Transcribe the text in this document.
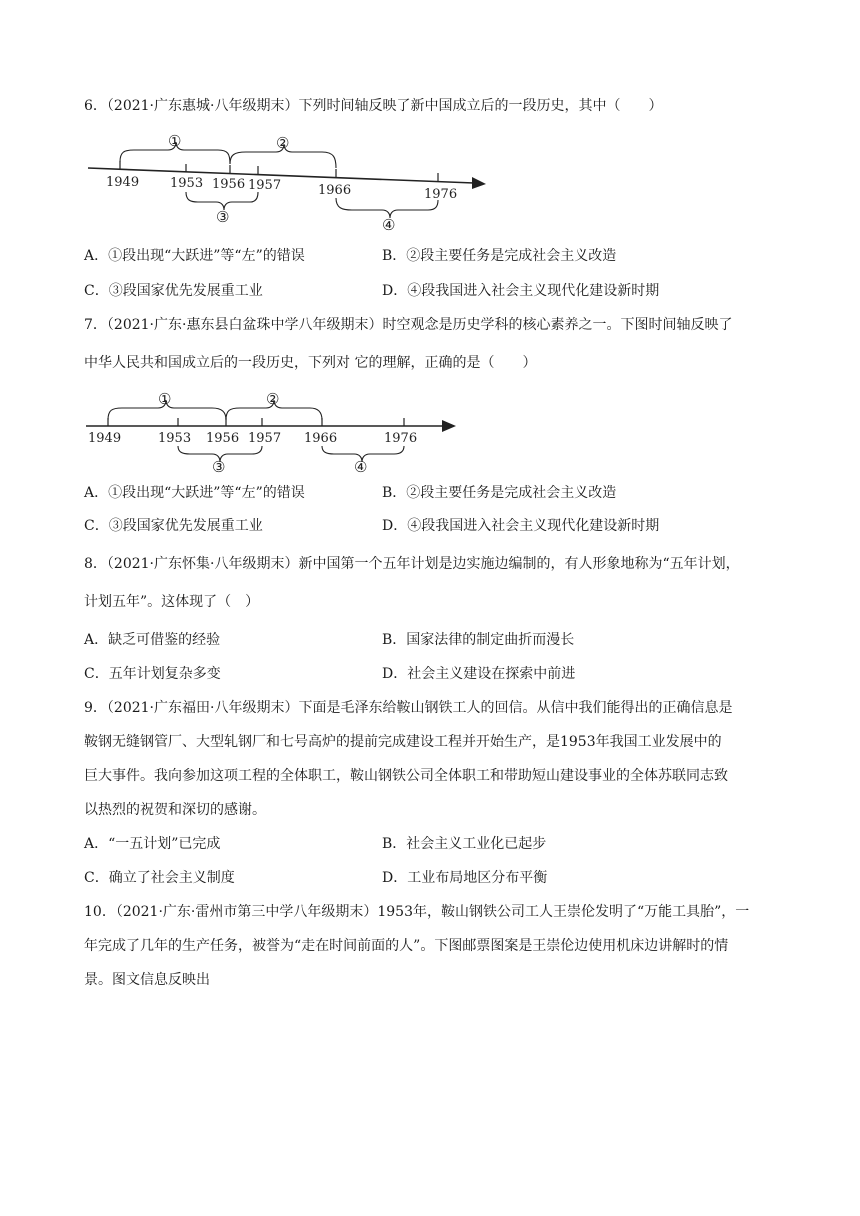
6．（2021·广东惠城·八年级期末）下列时间轴反映了新中国成立后的一段历史，其中（　　）
1949 1953 1956 1957	1966	1976
①	②
③	④
A．①段出现“大跃进”等“左”的错误	B．②段主要任务是完成社会主义改造
C．③段国家优先发展重工业	D．④段我国进入社会主义现代化建设新时期
7．（2021·广东·惠东县白盆珠中学八年级期末）时空观念是历史学科的核心素养之一。下图时间轴反映了
中华人民共和国成立后的一段历史，下列对 它的理解，正确的是（　　）
1949	1953 1956 1957 1966	1976
①	②
③	④
A．①段出现“大跃进”等“左”的错误	B．②段主要任务是完成社会主义改造
C．③段国家优先发展重工业	D．④段我国进入社会主义现代化建设新时期
8．（2021·广东怀集·八年级期末）新中国第一个五年计划是边实施边编制的，有人形象地称为“五年计划，
计划五年”。这体现了（　）
A．缺乏可借鉴的经验	B．国家法律的制定曲折而漫长
C．五年计划复杂多变	D．社会主义建设在探索中前进
9．（2021·广东福田·八年级期末）下面是毛泽东给鞍山钢铁工人的回信。从信中我们能得出的正确信息是
鞍钢无缝钢管厂、大型轧钢厂和七号高炉的提前完成建设工程并开始生产，是1953年我国工业发展中的
巨大事件。我向参加这项工程的全体职工，鞍山钢铁公司全体职工和带助短山建设事业的全体苏联同志致
以热烈的祝贺和深切的感谢。
A．“一五计划”已完成	B．社会主义工业化已起步
C．确立了社会主义制度	D．工业布局地区分布平衡
10．（2021·广东·雷州市第三中学八年级期末）1953年，鞍山钢铁公司工人王崇伦发明了“万能工具胎”，一
年完成了几年的生产任务，被誉为“走在时间前面的人”。下图邮票图案是王崇伦边使用机床边讲解时的情
景。图文信息反映出
